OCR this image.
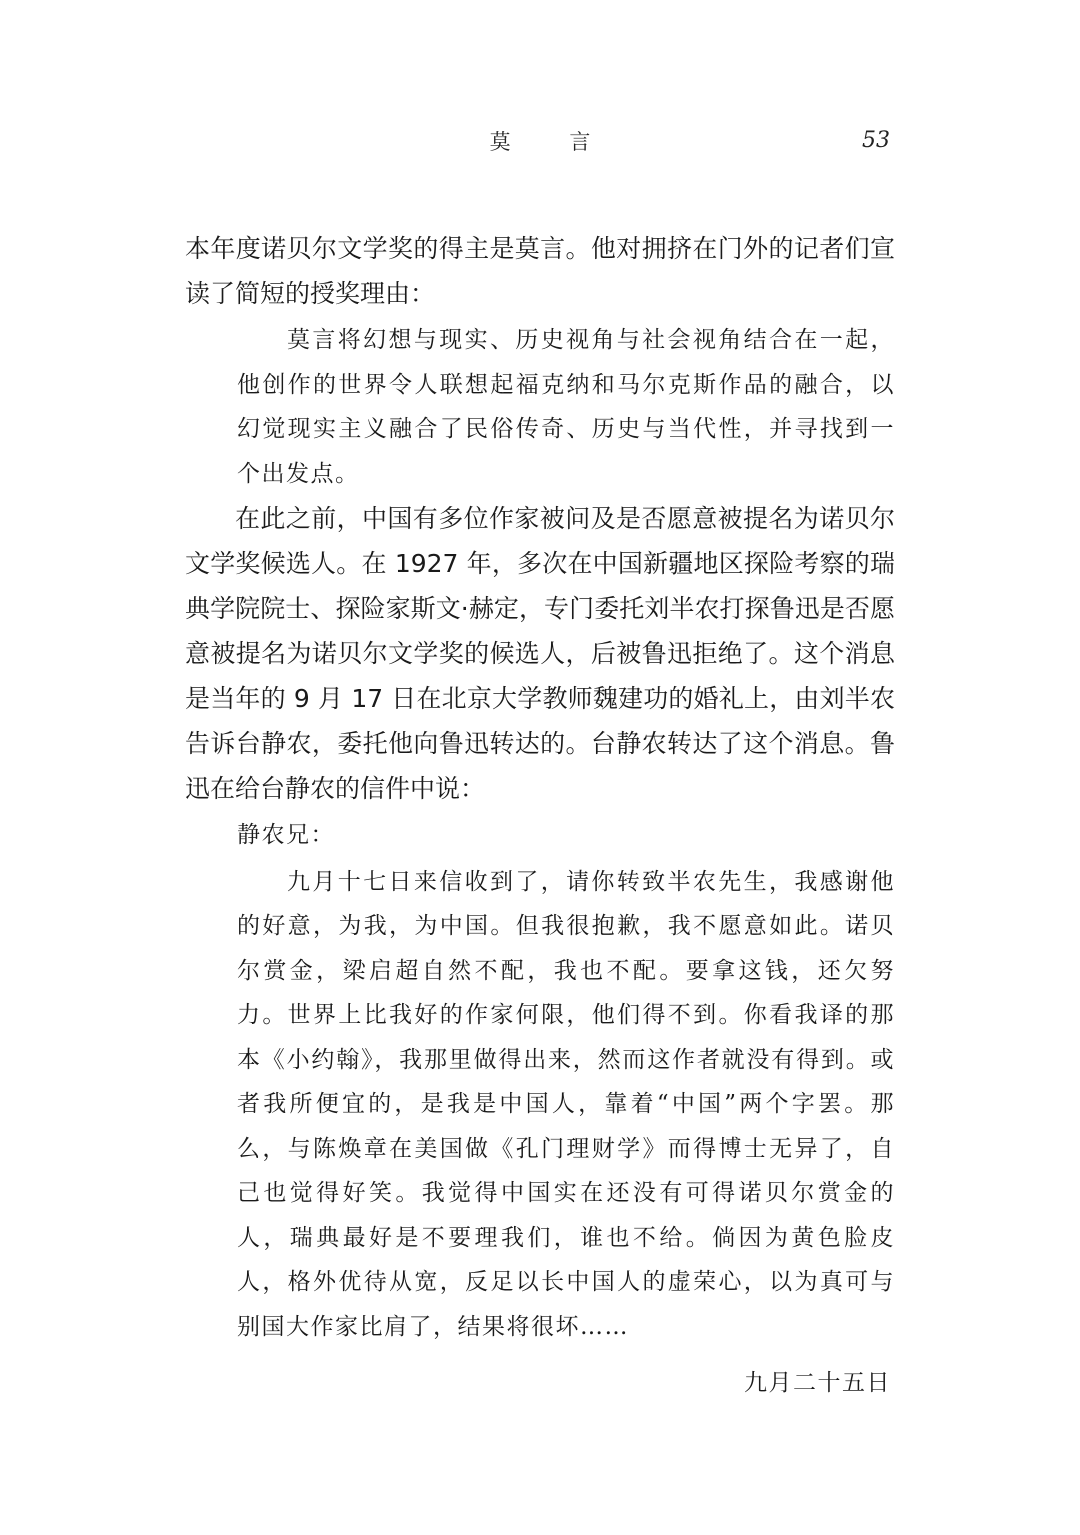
莫 言	53

本年度诺贝尔文学奖的得主是莫言。他对拥挤在门外的记者们宣读了简短的授奖理由：

莫言将幻想与现实、历史视角与社会视角结合在一起，他创作的世界令人联想起福克纳和马尔克斯作品的融合，以幻觉现实主义融合了民俗传奇、历史与当代性，并寻找到一个出发点。

在此之前，中国有多位作家被问及是否愿意被提名为诺贝尔文学奖候选人。在 1927 年，多次在中国新疆地区探险考察的瑞典学院院士、探险家斯文·赫定，专门委托刘半农打探鲁迅是否愿意被提名为诺贝尔文学奖的候选人，后被鲁迅拒绝了。这个消息是当年的 9 月 17 日在北京大学教师魏建功的婚礼上，由刘半农告诉台静农，委托他向鲁迅转达的。台静农转达了这个消息。鲁迅在给台静农的信件中说：

静农兄：

九月十七日来信收到了，请你转致半农先生，我感谢他的好意，为我，为中国。但我很抱歉，我不愿意如此。诺贝尔赏金，梁启超自然不配，我也不配。要拿这钱，还欠努力。世界上比我好的作家何限，他们得不到。你看我译的那本《小约翰》，我那里做得出来，然而这作者就没有得到。或者我所便宜的，是我是中国人，靠着“中国”两个字罢。那么，与陈焕章在美国做《孔门理财学》而得博士无异了，自己也觉得好笑。我觉得中国实在还没有可得诺贝尔赏金的人，瑞典最好是不要理我们，谁也不给。倘因为黄色脸皮人，格外优待从宽，反足以长中国人的虚荣心，以为真可与别国大作家比肩了，结果将很坏……

九月二十五日
